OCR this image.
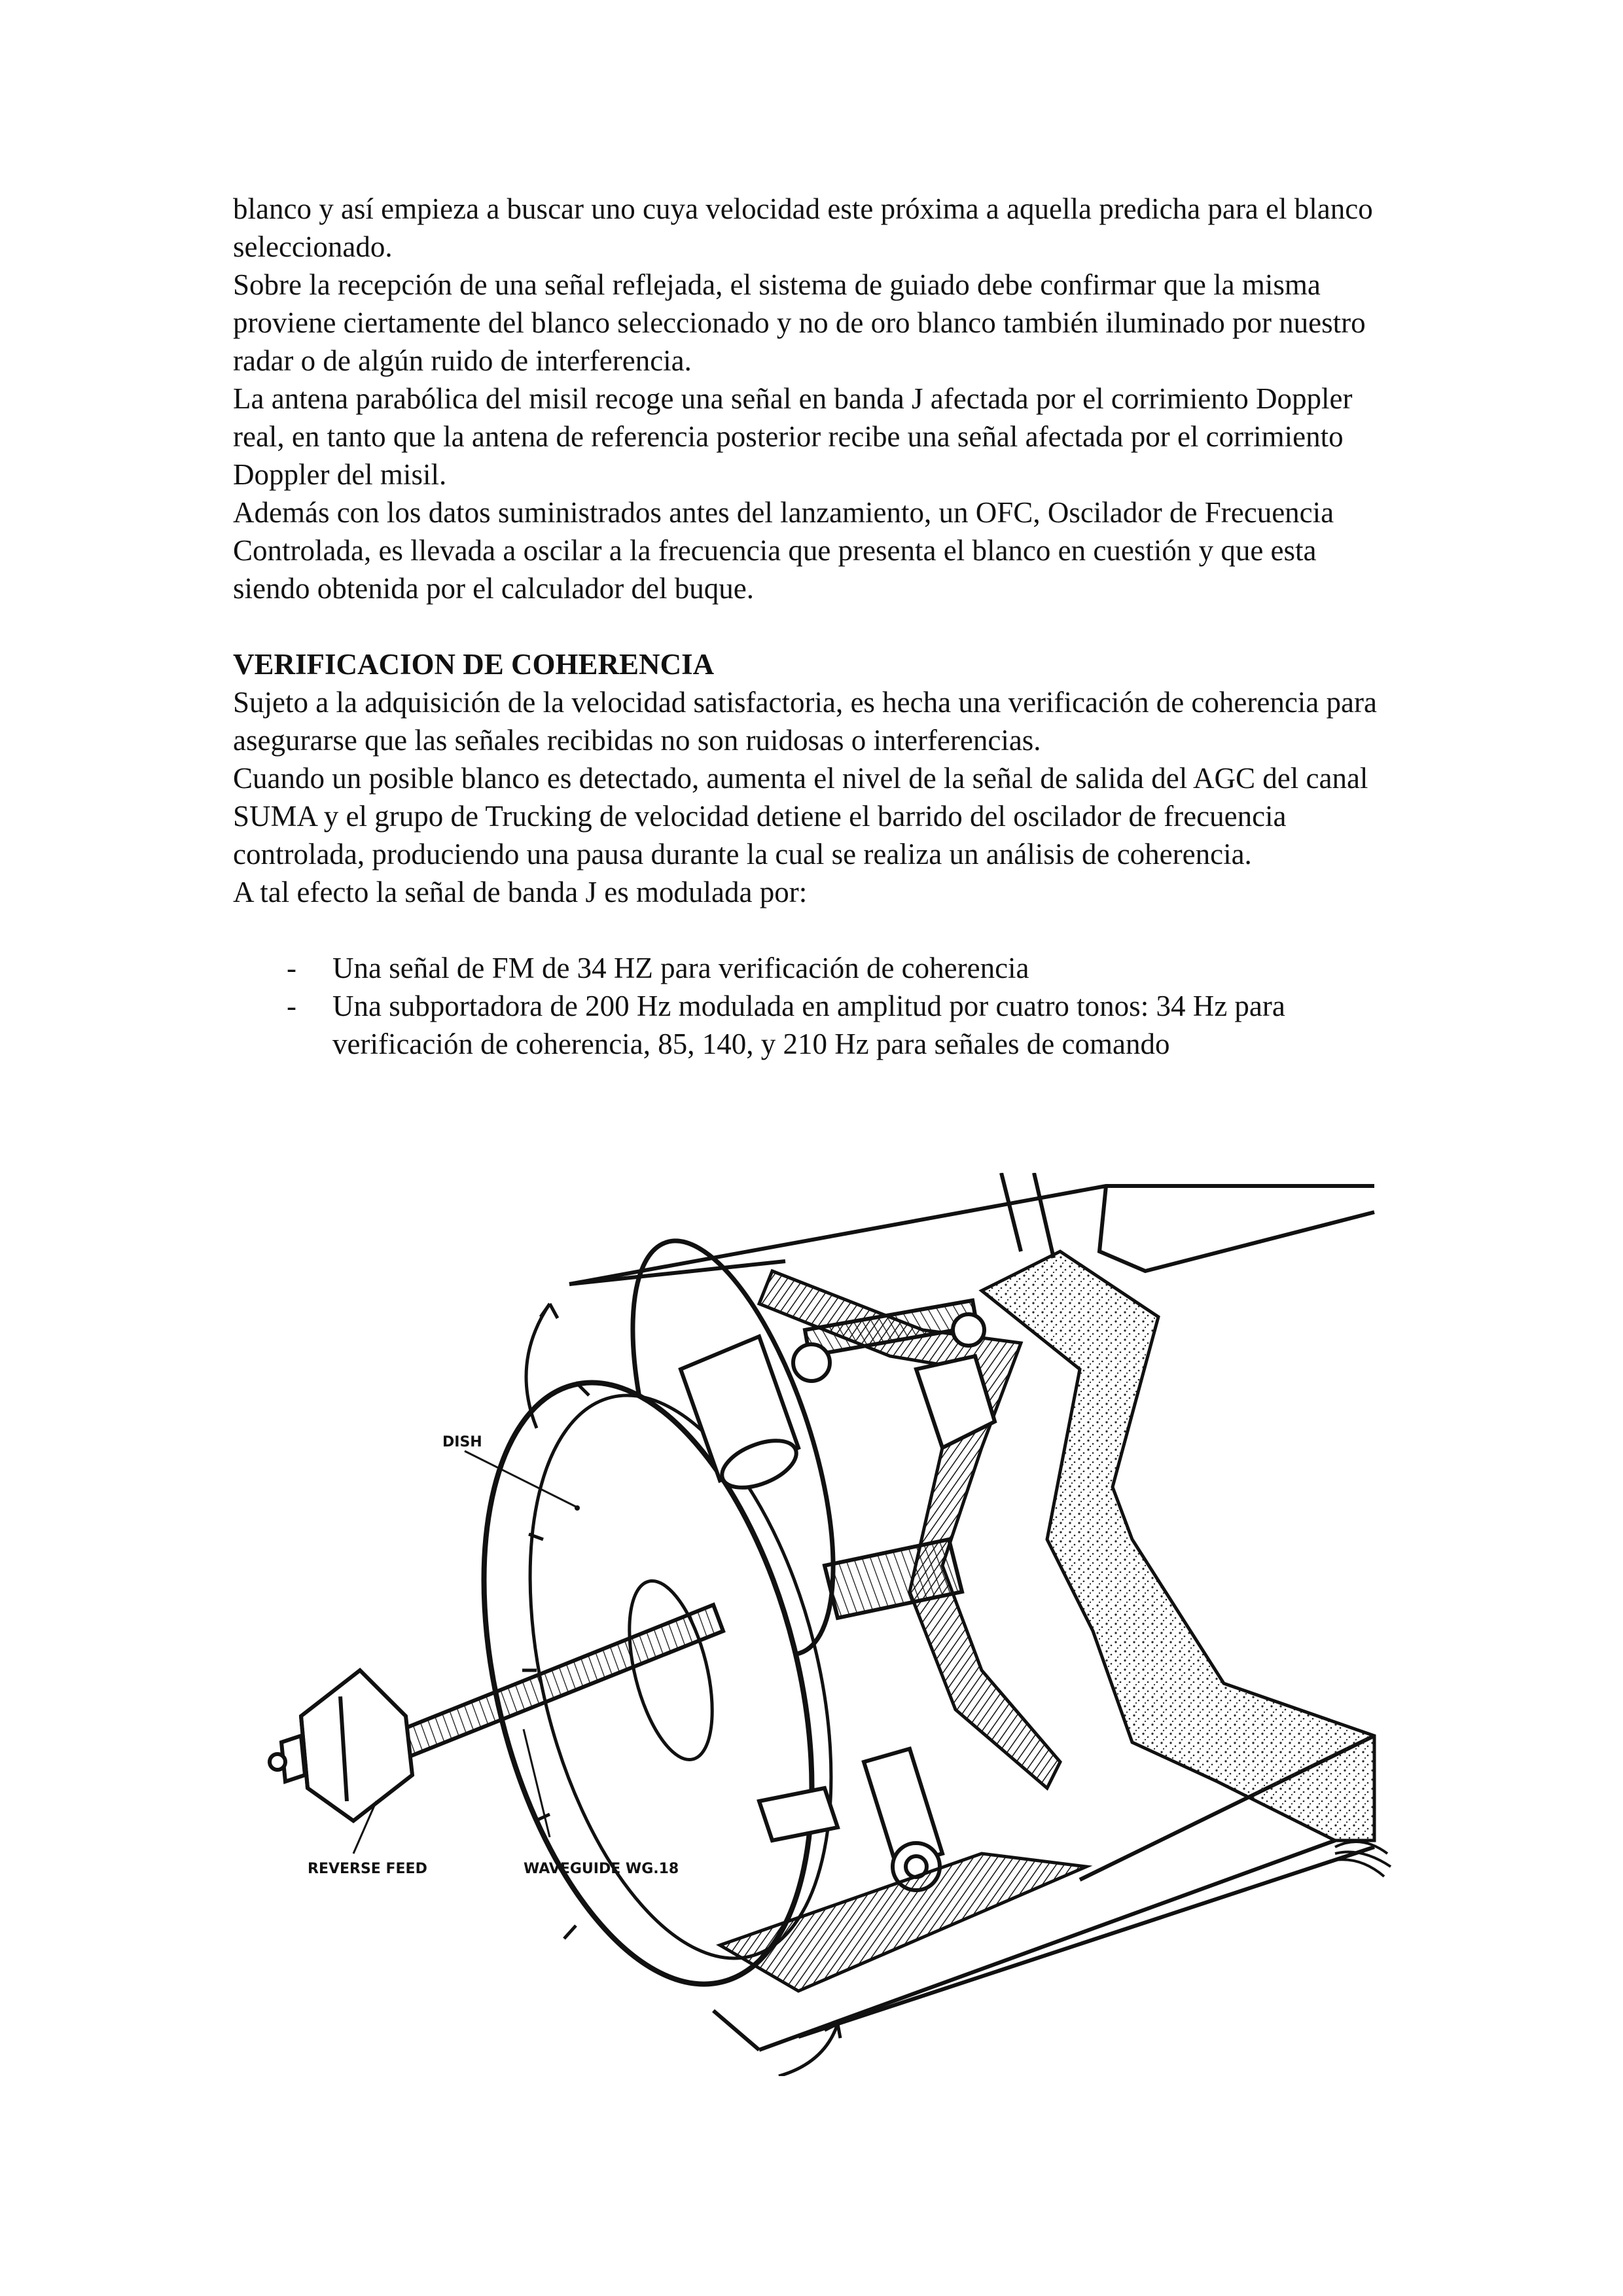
blanco y así empieza a buscar uno cuya velocidad este próxima a aquella predicha para el blanco seleccionado.

Sobre la recepción de una señal reflejada, el sistema de guiado debe confirmar que la misma proviene ciertamente del blanco seleccionado y no de oro blanco también iluminado por nuestro radar o de algún ruido de interferencia.

La antena parabólica del misil recoge una señal en banda J afectada por el corrimiento Doppler real, en tanto que la antena de referencia posterior recibe una señal afectada por el corrimiento Doppler del misil.

Además con los datos suministrados antes del lanzamiento, un OFC, Oscilador de Frecuencia Controlada, es llevada a oscilar a la frecuencia que presenta el blanco en cuestión y que esta siendo obtenida por el calculador del buque.

VERIFICACION DE COHERENCIA

Sujeto a la adquisición de la velocidad satisfactoria, es hecha una verificación de coherencia para asegurarse que las señales recibidas no son ruidosas o interferencias.

Cuando un posible blanco es detectado, aumenta el nivel de la señal de salida del AGC del canal SUMA y el grupo de Trucking de velocidad detiene el barrido del oscilador de frecuencia controlada, produciendo una pausa durante la cual se realiza un análisis de coherencia.

A tal efecto la señal de banda J es modulada por:

- Una señal de FM de 34 HZ para verificación de coherencia
- Una subportadora de 200 Hz modulada en amplitud por cuatro tonos: 34 Hz para verificación de coherencia, 85, 140, y 210 Hz para señales de comando
DISH
REVERSE FEED	WAVEGUIDE WG.18
